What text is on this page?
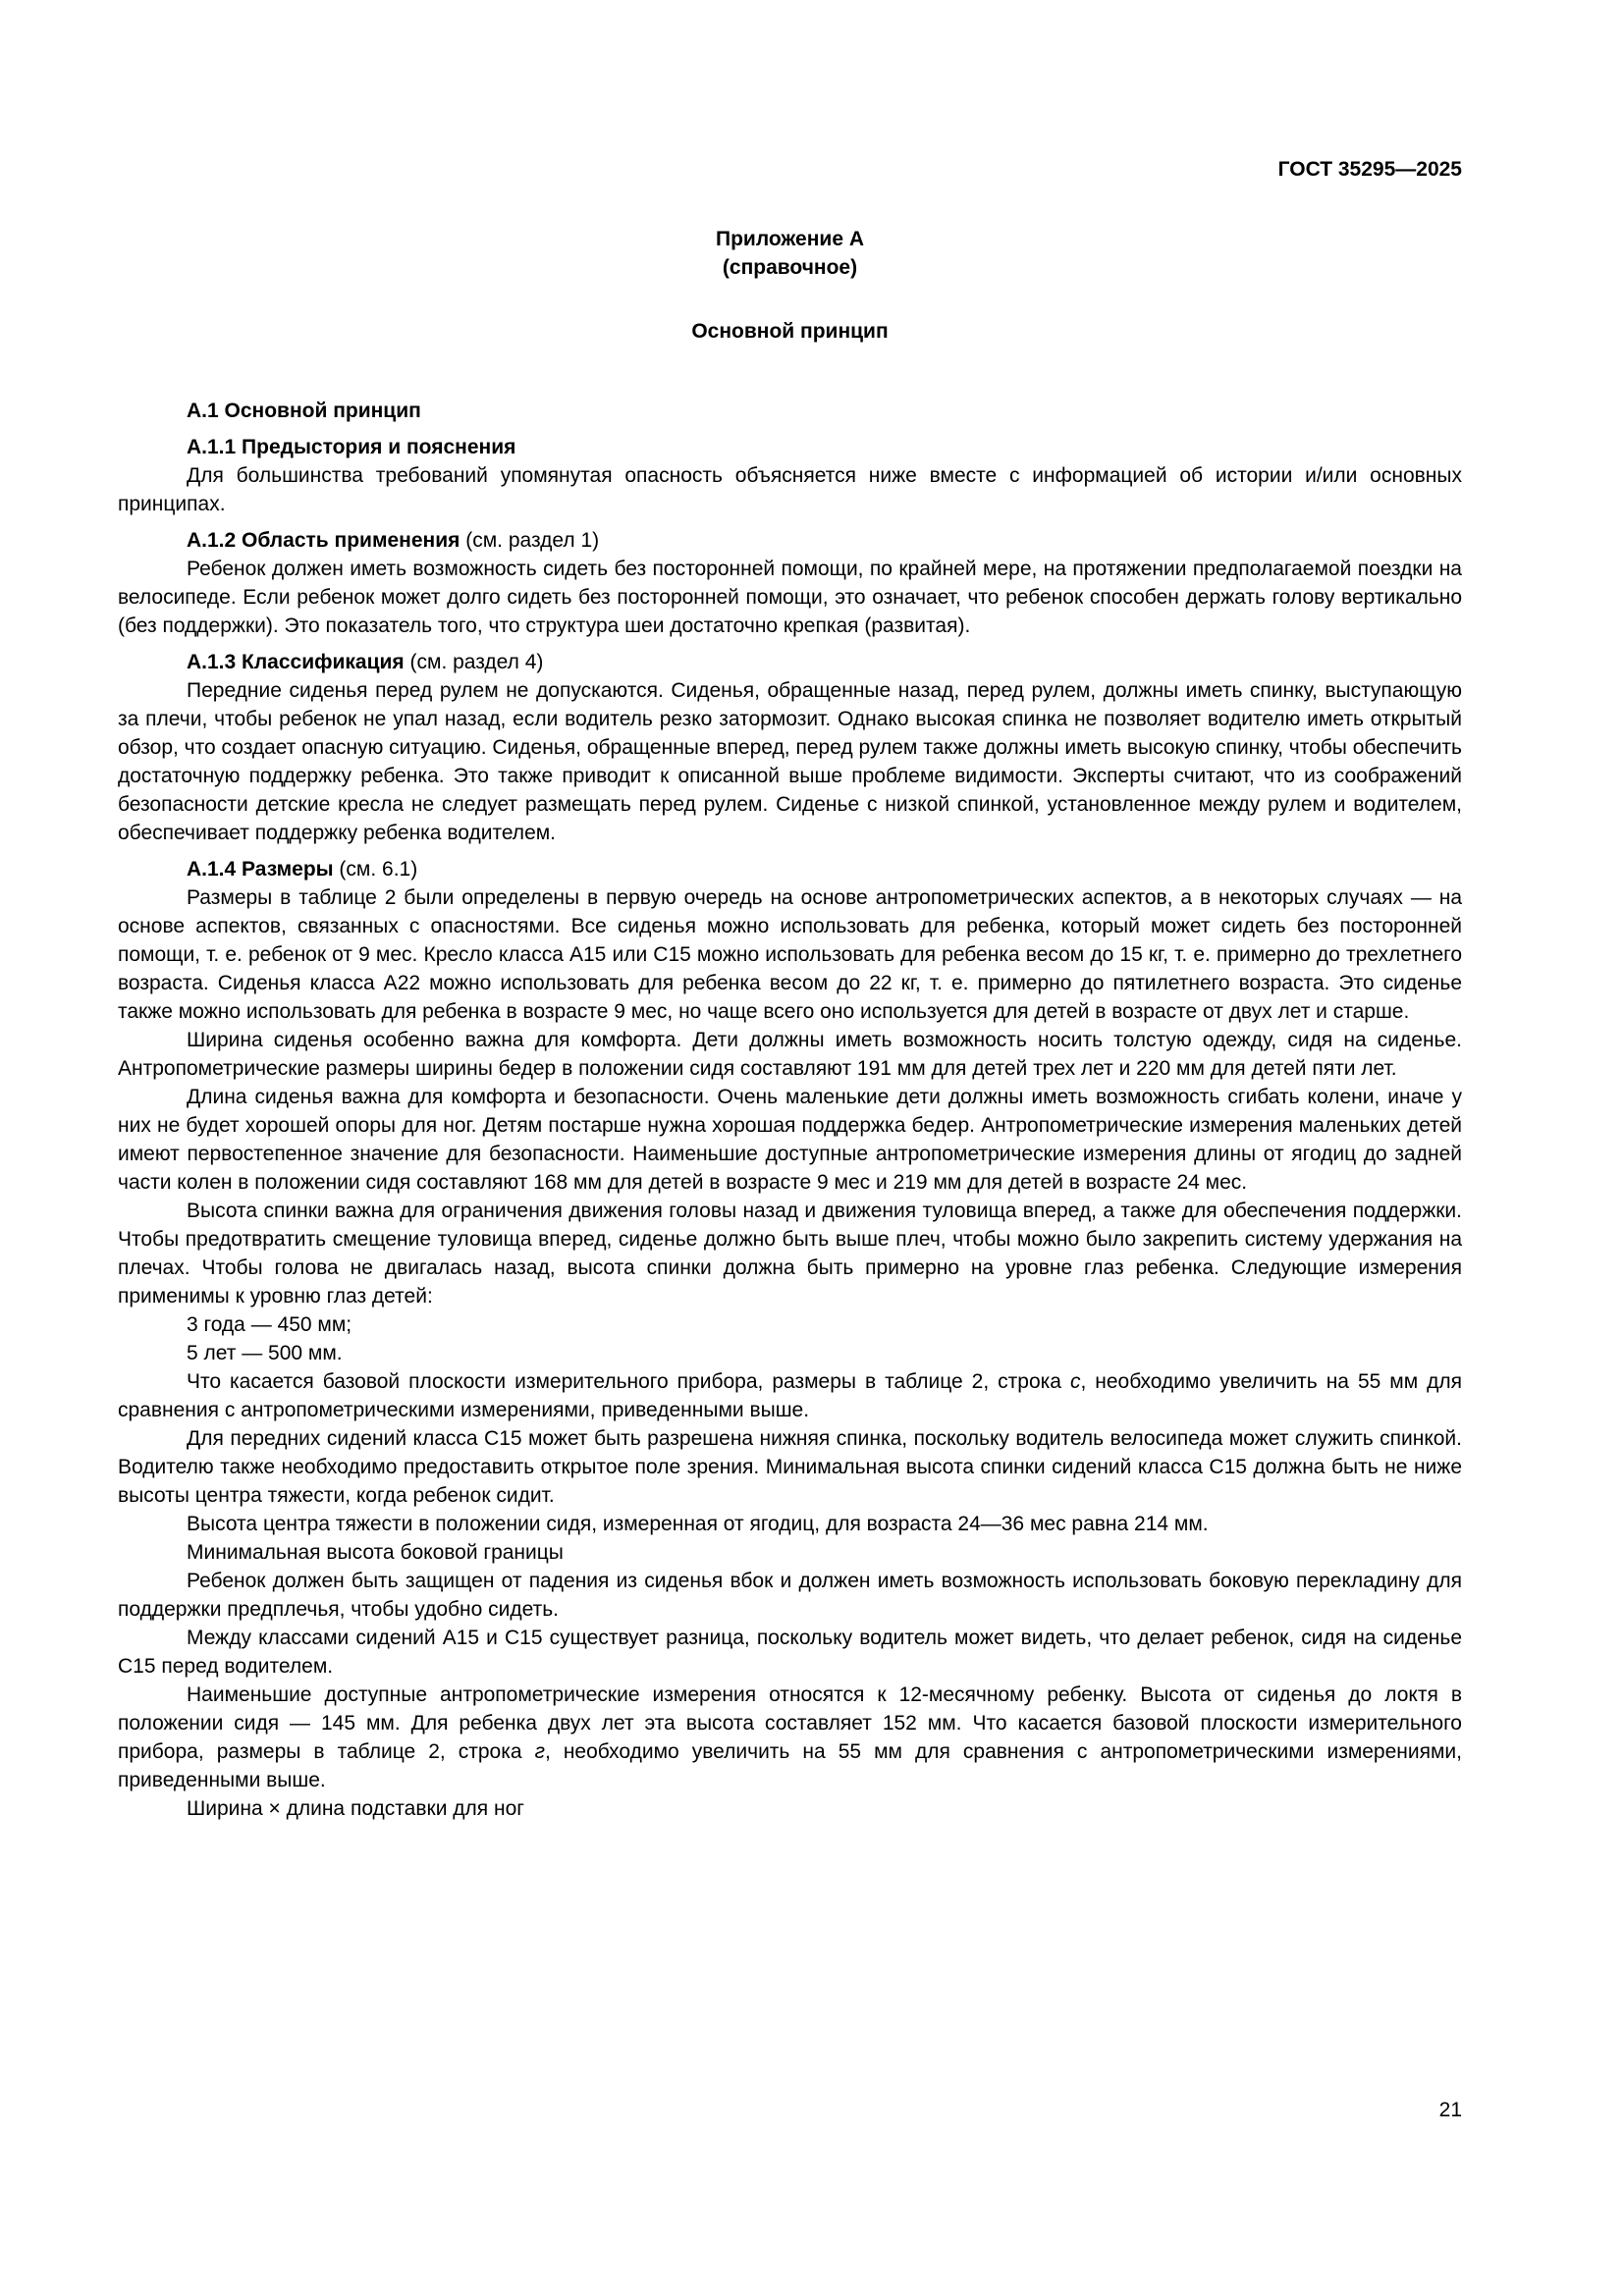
ГОСТ 35295—2025
Приложение А
(справочное)
Основной принцип

А.1 Основной принцип

А.1.1 Предыстория и пояснения

Для большинства требований упомянутая опасность объясняется ниже вместе с информацией об истории и/или основных принципах.

А.1.2 Область применения (см. раздел 1)

Ребенок должен иметь возможность сидеть без посторонней помощи, по крайней мере, на протяжении предполагаемой поездки на велосипеде. Если ребенок может долго сидеть без посторонней помощи, это означает, что ребенок способен держать голову вертикально (без поддержки). Это показатель того, что структура шеи достаточно крепкая (развитая).

А.1.3 Классификация (см. раздел 4)

Передние сиденья перед рулем не допускаются. Сиденья, обращенные назад, перед рулем, должны иметь спинку, выступающую за плечи, чтобы ребенок не упал назад, если водитель резко затормозит. Однако высокая спинка не позволяет водителю иметь открытый обзор, что создает опасную ситуацию. Сиденья, обращенные вперед, перед рулем также должны иметь высокую спинку, чтобы обеспечить достаточную поддержку ребенка. Это также приводит к описанной выше проблеме видимости. Эксперты считают, что из соображений безопасности детские кресла не следует размещать перед рулем. Сиденье с низкой спинкой, установленное между рулем и водителем, обеспечивает поддержку ребенка водителем.

А.1.4 Размеры (см. 6.1)

Размеры в таблице 2 были определены в первую очередь на основе антропометрических аспектов, а в некоторых случаях — на основе аспектов, связанных с опасностями. Все сиденья можно использовать для ребенка, который может сидеть без посторонней помощи, т. е. ребенок от 9 мес. Кресло класса А15 или С15 можно использовать для ребенка весом до 15 кг, т. е. примерно до трехлетнего возраста. Сиденья класса А22 можно использовать для ребенка весом до 22 кг, т. е. примерно до пятилетнего возраста. Это сиденье также можно использовать для ребенка в возрасте 9 мес, но чаще всего оно используется для детей в возрасте от двух лет и старше.

Ширина сиденья особенно важна для комфорта. Дети должны иметь возможность носить толстую одежду, сидя на сиденье. Антропометрические размеры ширины бедер в положении сидя составляют 191 мм для детей трех лет и 220 мм для детей пяти лет.

Длина сиденья важна для комфорта и безопасности. Очень маленькие дети должны иметь возможность сгибать колени, иначе у них не будет хорошей опоры для ног. Детям постарше нужна хорошая поддержка бедер. Антропометрические измерения маленьких детей имеют первостепенное значение для безопасности. Наименьшие доступные антропометрические измерения длины от ягодиц до задней части колен в положении сидя составляют 168 мм для детей в возрасте 9 мес и 219 мм для детей в возрасте 24 мес.

Высота спинки важна для ограничения движения головы назад и движения туловища вперед, а также для обеспечения поддержки. Чтобы предотвратить смещение туловища вперед, сиденье должно быть выше плеч, чтобы можно было закрепить систему удержания на плечах. Чтобы голова не двигалась назад, высота спинки должна быть примерно на уровне глаз ребенка. Следующие измерения применимы к уровню глаз детей:

3 года — 450 мм;

5 лет — 500 мм.

Что касается базовой плоскости измерительного прибора, размеры в таблице 2, строка с, необходимо увеличить на 55 мм для сравнения с антропометрическими измерениями, приведенными выше.

Для передних сидений класса С15 может быть разрешена нижняя спинка, поскольку водитель велосипеда может служить спинкой. Водителю также необходимо предоставить открытое поле зрения. Минимальная высота спинки сидений класса С15 должна быть не ниже высоты центра тяжести, когда ребенок сидит.

Высота центра тяжести в положении сидя, измеренная от ягодиц, для возраста 24—36 мес равна 214 мм.

Минимальная высота боковой границы

Ребенок должен быть защищен от падения из сиденья вбок и должен иметь возможность использовать боковую перекладину для поддержки предплечья, чтобы удобно сидеть.

Между классами сидений А15 и С15 существует разница, поскольку водитель может видеть, что делает ребенок, сидя на сиденье С15 перед водителем.

Наименьшие доступные антропометрические измерения относятся к 12-месячному ребенку. Высота от сиденья до локтя в положении сидя — 145 мм. Для ребенка двух лет эта высота составляет 152 мм. Что касается базовой плоскости измерительного прибора, размеры в таблице 2, строка г, необходимо увеличить на 55 мм для сравнения с антропометрическими измерениями, приведенными выше.

Ширина × длина подставки для ног

21
